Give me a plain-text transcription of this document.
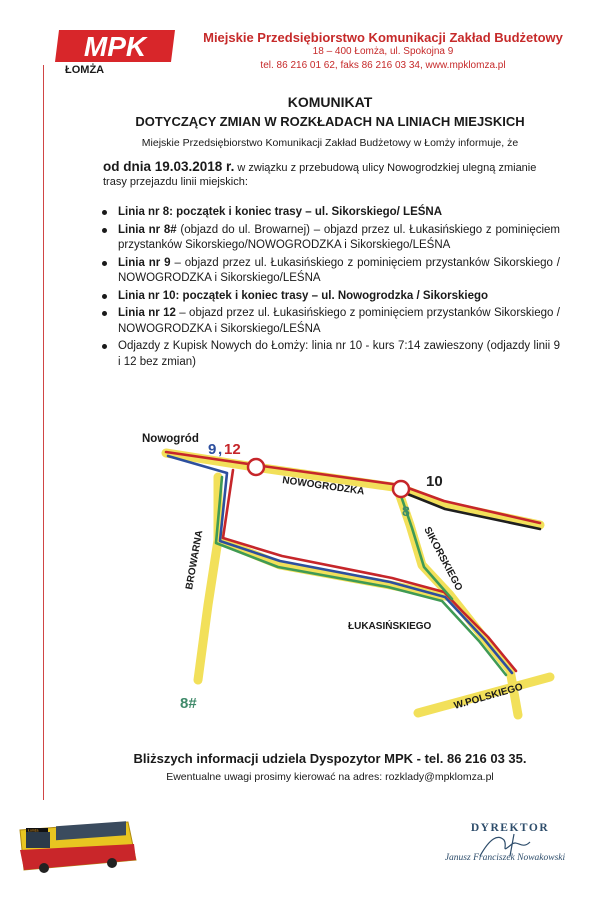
MPK
ŁOMŻA
Miejskie Przedsiębiorstwo Komunikacji Zakład Budżetowy
18 – 400 Łomża, ul. Spokojna 9
tel. 86 216 01 62, faks 86 216 03 34, www.mpklomza.pl
KOMUNIKAT
DOTYCZĄCY ZMIAN W ROZKŁADACH NA LINIACH MIEJSKICH
Miejskie Przedsiębiorstwo Komunikacji Zakład Budżetowy w Łomży informuje, że
od dnia 19.03.2018 r. w związku z przebudową ulicy Nowogrodzkiej ulegną zmianie trasy przejazdu linii miejskich:
Linia nr 8: początek i koniec trasy – ul. Sikorskiego/ LEŚNA
Linia nr 8# (objazd do ul. Browarnej) – objazd przez ul. Łukasińskiego z pominięciem przystanków Sikorskiego/NOWOGRODZKA i Sikorskiego/LEŚNA
Linia nr 9 – objazd przez ul. Łukasińskiego z pominięciem przystanków Sikorskiego / NOWOGRODZKA i Sikorskiego/LEŚNA
Linia nr 10: początek i koniec trasy – ul. Nowogrodzka / Sikorskiego
Linia nr 12 – objazd przez ul. Łukasińskiego z pominięciem przystanków Sikorskiego / NOWOGRODZKA i Sikorskiego/LEŚNA
Odjazdy z Kupisk Nowych do Łomży: linia nr 10 - kurs 7:14 zawieszony (odjazdy linii 9 i 12 bez zmian)
Nowogród
9 , 12
10
8
8#
NOWOGRODZKA
BROWARNA	SIKORSKIEGO
ŁUKASIŃSKIEGO
W.POLSKIEGO
Bliższych informacji udziela Dyspozytor MPK - tel. 86 216 03 35.
Ewentualne uwagi prosimy kierować na adres: rozklady@mpklomza.pl
Łomża	DYREKTOR
Janusz Franciszek Nowakowski
